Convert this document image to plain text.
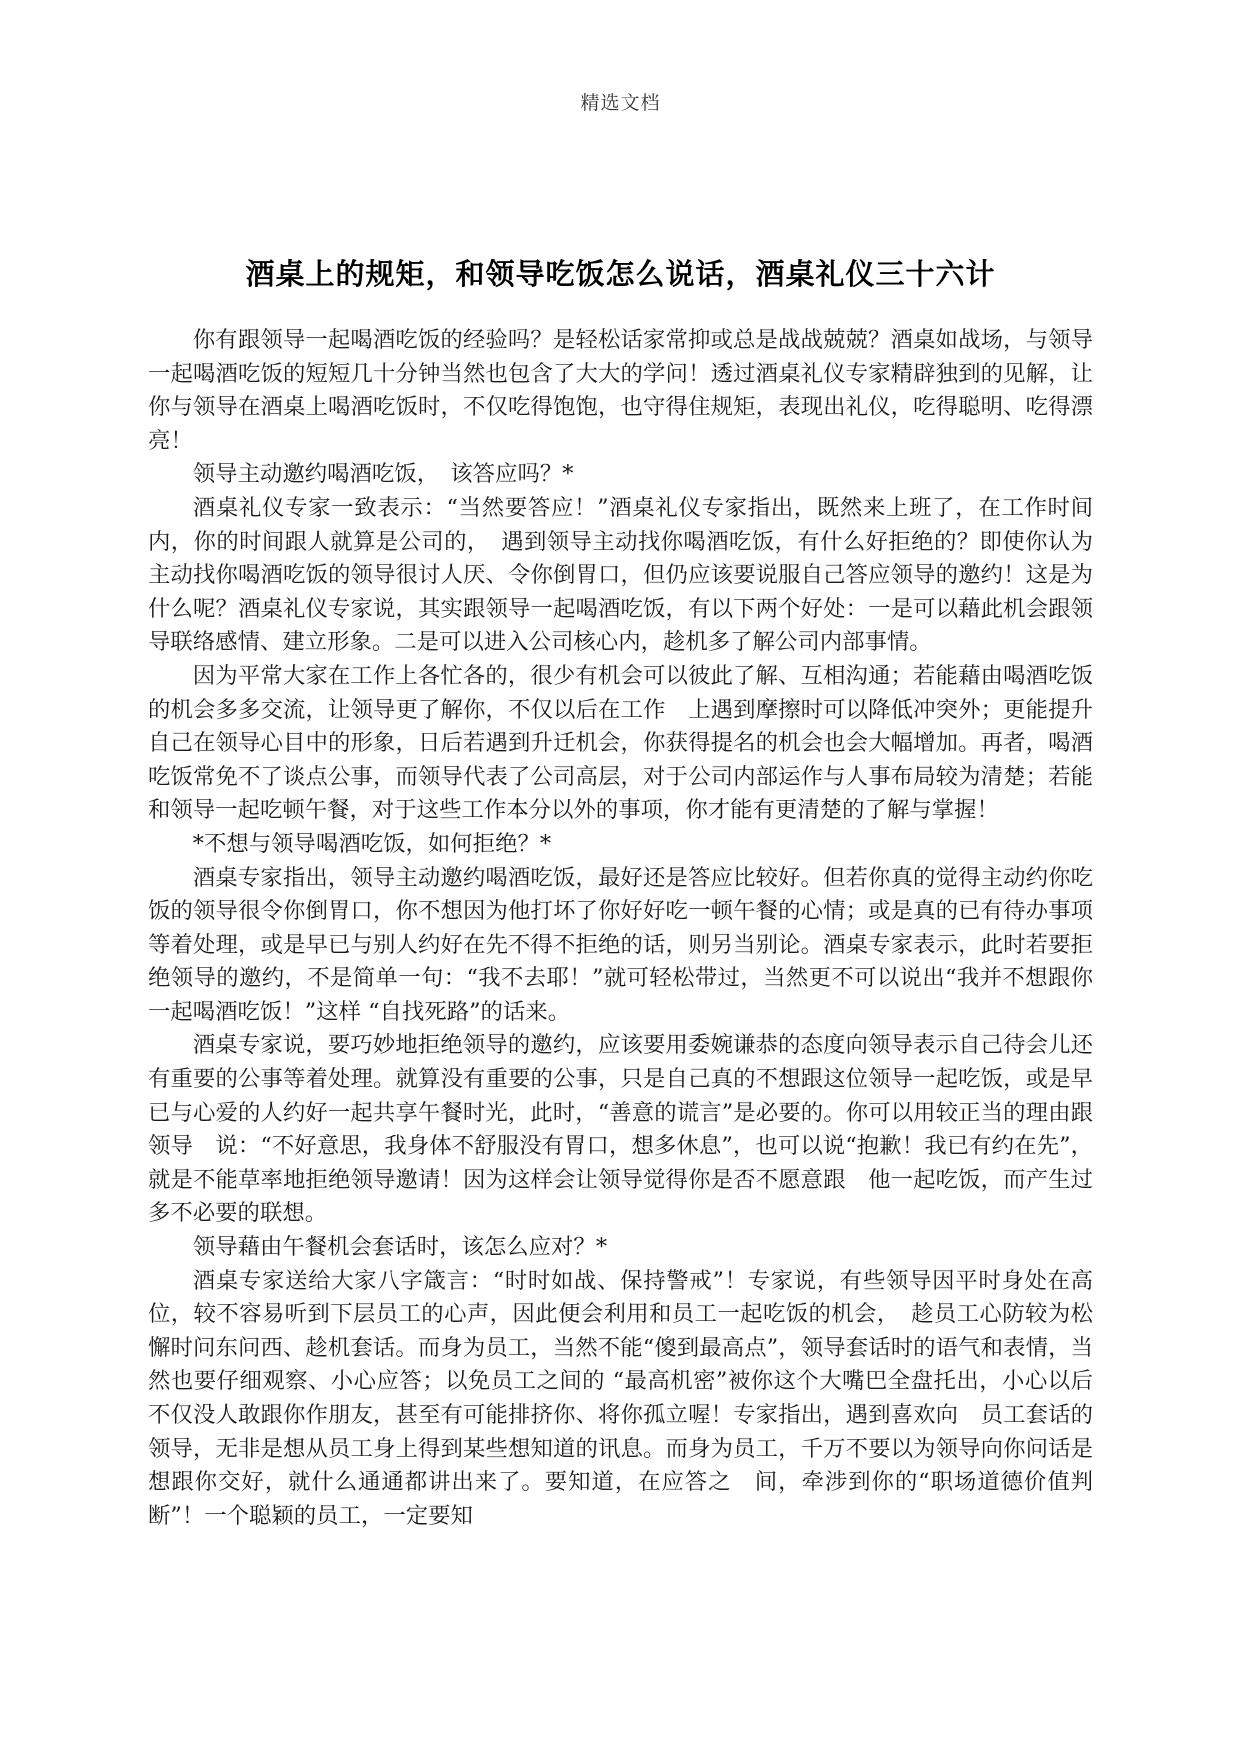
精选文档
酒桌上的规矩，和领导吃饭怎么说话，酒桌礼仪三十六计

你有跟领导一起喝酒吃饭的经验吗？是轻松话家常抑或总是战战兢兢？酒桌如战场，与领导一起喝酒吃饭的短短几十分钟当然也包含了大大的学问！透过酒桌礼仪专家精辟独到的见解，让你与领导在酒桌上喝酒吃饭时，不仅吃得饱饱，也守得住规矩，表现出礼仪，吃得聪明、吃得漂亮！

领导主动邀约喝酒吃饭，　该答应吗？*

酒桌礼仪专家一致表示：“当然要答应！”酒桌礼仪专家指出，既然来上班了，在工作时间内，你的时间跟人就算是公司的，　遇到领导主动找你喝酒吃饭，有什么好拒绝的？即使你认为主动找你喝酒吃饭的领导很讨人厌、令你倒胃口，但仍应该要说服自己答应领导的邀约！这是为什么呢？酒桌礼仪专家说，其实跟领导一起喝酒吃饭，有以下两个好处：一是可以藉此机会跟领导联络感情、建立形象。二是可以进入公司核心内，趁机多了解公司内部事情。

因为平常大家在工作上各忙各的，很少有机会可以彼此了解、互相沟通；若能藉由喝酒吃饭的机会多多交流，让领导更了解你，不仅以后在工作　上遇到摩擦时可以降低冲突外；更能提升自己在领导心目中的形象，日后若遇到升迁机会，你获得提名的机会也会大幅增加。再者，喝酒吃饭常免不了谈点公事，而领导代表了公司高层，对于公司内部运作与人事布局较为清楚；若能和领导一起吃顿午餐，对于这些工作本分以外的事项，你才能有更清楚的了解与掌握！

*不想与领导喝酒吃饭，如何拒绝？*

酒桌专家指出，领导主动邀约喝酒吃饭，最好还是答应比较好。但若你真的觉得主动约你吃饭的领导很令你倒胃口，你不想因为他打坏了你好好吃一顿午餐的心情；或是真的已有待办事项等着处理，或是早已与别人约好在先不得不拒绝的话，则另当别论。酒桌专家表示，此时若要拒绝领导的邀约，不是简单一句：“我不去耶！”就可轻松带过，当然更不可以说出“我并不想跟你一起喝酒吃饭！”这样 “自找死路”的话来。

酒桌专家说，要巧妙地拒绝领导的邀约，应该要用委婉谦恭的态度向领导表示自己待会儿还有重要的公事等着处理。就算没有重要的公事，只是自己真的不想跟这位领导一起吃饭，或是早已与心爱的人约好一起共享午餐时光，此时，“善意的谎言”是必要的。你可以用较正当的理由跟领导　说：“不好意思，我身体不舒服没有胃口，想多休息”，也可以说“抱歉！我已有约在先”，就是不能草率地拒绝领导邀请！因为这样会让领导觉得你是否不愿意跟　他一起吃饭，而产生过多不必要的联想。

领导藉由午餐机会套话时，该怎么应对？*

酒桌专家送给大家八字箴言：“时时如战、保持警戒”！专家说，有些领导因平时身处在高位，较不容易听到下层员工的心声，因此便会利用和员工一起吃饭的机会，　趁员工心防较为松懈时问东问西、趁机套话。而身为员工，当然不能“傻到最高点”，领导套话时的语气和表情，当然也要仔细观察、小心应答；以免员工之间的 “最高机密”被你这个大嘴巴全盘托出，小心以后不仅没人敢跟你作朋友，甚至有可能排挤你、将你孤立喔！专家指出，遇到喜欢向　员工套话的领导，无非是想从员工身上得到某些想知道的讯息。而身为员工，千万不要以为领导向你问话是想跟你交好，就什么通通都讲出来了。要知道，在应答之　间，牵涉到你的“职场道德价值判断”！一个聪颖的员工，一定要知
